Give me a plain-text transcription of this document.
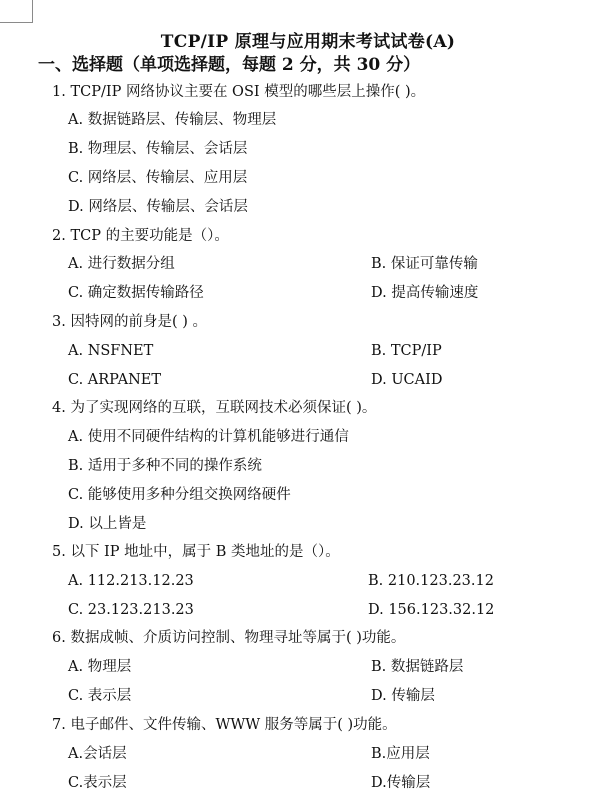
TCP/IP 原理与应用期末考试试卷(A)
一、选择题（单项选择题，每题 2 分，共 30 分）
1. TCP/IP 网络协议主要在 OSI 模型的哪些层上操作( )。
A. 数据链路层、传输层、物理层
B. 物理层、传输层、会话层
C. 网络层、传输层、应用层
D. 网络层、传输层、会话层
2. TCP 的主要功能是（）。
A. 进行数据分组	B. 保证可靠传输
C. 确定数据传输路径	D. 提高传输速度
3. 因特网的前身是( ) 。
A. NSFNET	B. TCP/IP
C. ARPANET	D. UCAID
4. 为了实现网络的互联，互联网技术必须保证( )。
A. 使用不同硬件结构的计算机能够进行通信
B. 适用于多种不同的操作系统
C. 能够使用多种分组交换网络硬件
D. 以上皆是
5. 以下 IP 地址中，属于 B 类地址的是（）。
A. 112.213.12.23	B. 210.123.23.12
C. 23.123.213.23	D. 156.123.32.12
6. 数据成帧、介质访问控制、物理寻址等属于( )功能。
A. 物理层	B. 数据链路层
C. 表示层	D. 传输层
7. 电子邮件、文件传输、WWW 服务等属于( )功能。
A.会话层	B.应用层
C.表示层	D.传输层
